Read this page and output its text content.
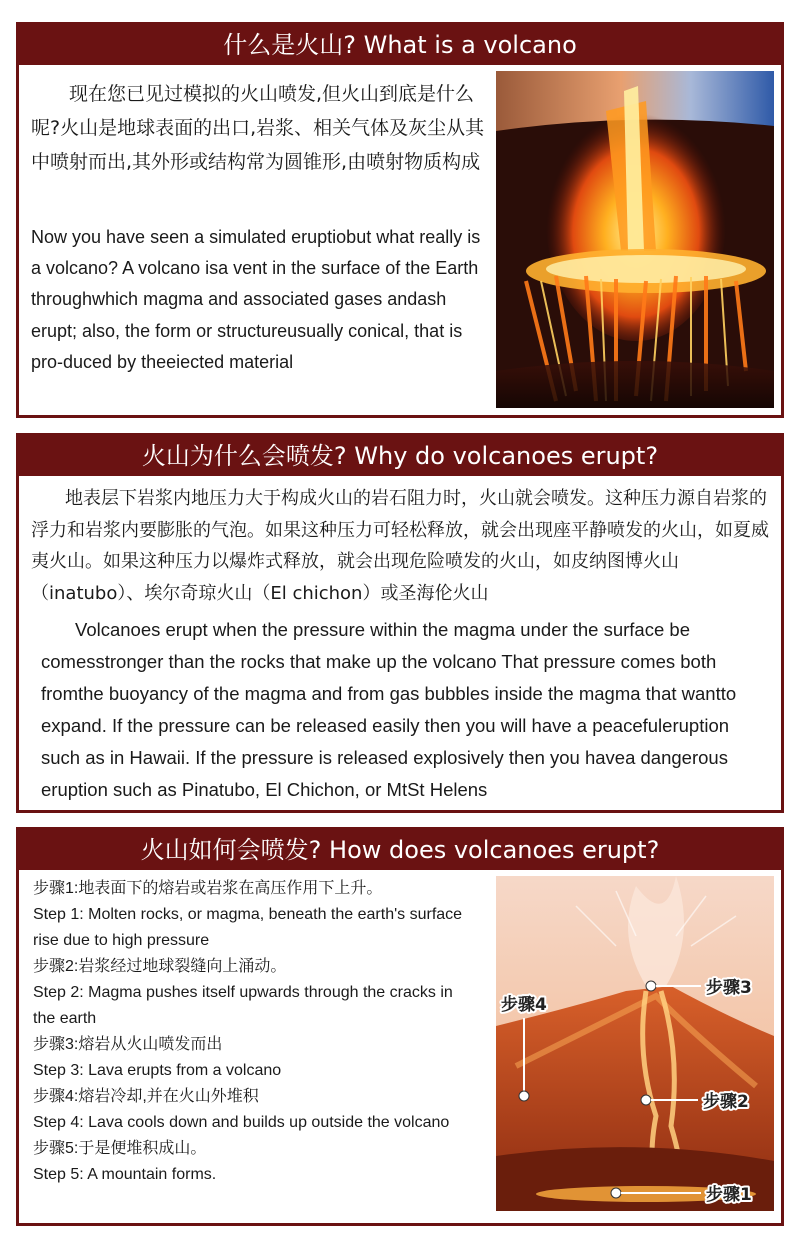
什么是火山? What is a volcano

现在您已见过模拟的火山喷发,但火山到底是什么呢?火山是地球表面的出口,岩浆、相关气体及灰尘从其中喷射而出,其外形或结构常为圆锥形,由喷射物质构成

Now you have seen a simulated eruptiobut what really is a volcano? A volcano isa vent in the surface of the Earth throughwhich magma and associated gases andash erupt; also, the form or structureusually conical, that is pro-duced by theeiected material

火山为什么会喷发? Why do volcanoes erupt?

地表层下岩浆内地压力大于构成火山的岩石阻力时，火山就会喷发。这种压力源自岩浆的浮力和岩浆内要膨胀的气泡。如果这种压力可轻松释放，就会出现座平静喷发的火山，如夏威夷火山。如果这种压力以爆炸式释放，就会出现危险喷发的火山，如皮纳图博火山（inatubo）、埃尔奇琼火山（El chichon）或圣海伦火山

Volcanoes erupt when the pressure within the magma under the surface be comesstronger than the rocks that make up the volcano That pressure comes both fromthe buoyancy of the magma and from gas bubbles inside the magma that wantto expand. If the pressure can be released easily then you will have a peacefuleruption such as in Hawaii. If the pressure is released explosively then you havea dangerous eruption such as Pinatubo, El Chichon, or MtSt Helens

火山如何会喷发? How does volcanoes erupt?
步骤1:地表面下的熔岩或岩浆在高压作用下上升。
Step 1: Molten rocks, or magma, beneath the earth's surface rise due to high pressure
步骤2:岩浆经过地球裂缝向上涌动。
Step 2: Magma pushes itself upwards through the cracks in the earth
步骤3:熔岩从火山喷发而出
Step 3: Lava erupts from a volcano
步骤4:熔岩冷却,并在火山外堆积
Step 4: Lava cools down and builds up outside the volcano
步骤5:于是便堆积成山。
Step 5: A mountain forms.
步骤3
步骤4
步骤2
步骤1
